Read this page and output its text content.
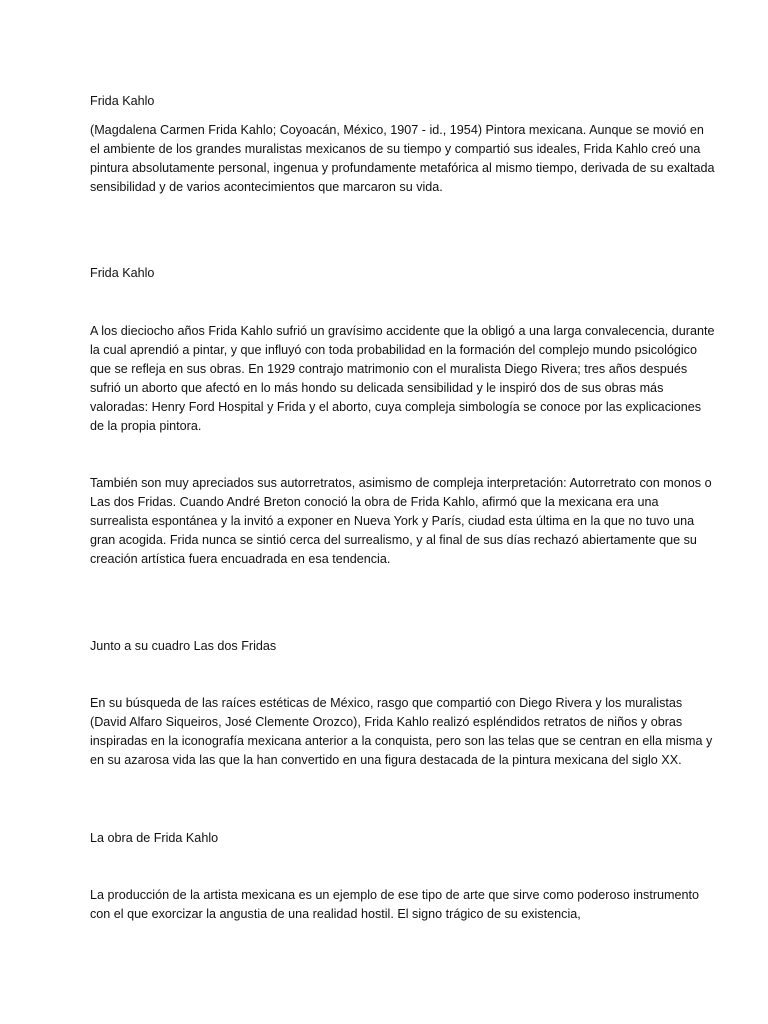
Frida Kahlo

(Magdalena Carmen Frida Kahlo; Coyoacán, México, 1907 - id., 1954) Pintora mexicana. Aunque se movió en el ambiente de los grandes muralistas mexicanos de su tiempo y compartió sus ideales, Frida Kahlo creó una pintura absolutamente personal, ingenua y profundamente metafórica al mismo tiempo, derivada de su exaltada sensibilidad y de varios acontecimientos que marcaron su vida.

Frida Kahlo

A los dieciocho años Frida Kahlo sufrió un gravísimo accidente que la obligó a una larga convalecencia, durante la cual aprendió a pintar, y que influyó con toda probabilidad en la formación del complejo mundo psicológico que se refleja en sus obras. En 1929 contrajo matrimonio con el muralista Diego Rivera; tres años después sufrió un aborto que afectó en lo más hondo su delicada sensibilidad y le inspiró dos de sus obras más valoradas: Henry Ford Hospital y Frida y el aborto, cuya compleja simbología se conoce por las explicaciones de la propia pintora.

También son muy apreciados sus autorretratos, asimismo de compleja interpretación: Autorretrato con monos o Las dos Fridas. Cuando André Breton conoció la obra de Frida Kahlo, afirmó que la mexicana era una surrealista espontánea y la invitó a exponer en Nueva York y París, ciudad esta última en la que no tuvo una gran acogida. Frida nunca se sintió cerca del surrealismo, y al final de sus días rechazó abiertamente que su creación artística fuera encuadrada en esa tendencia.

Junto a su cuadro Las dos Fridas

En su búsqueda de las raíces estéticas de México, rasgo que compartió con Diego Rivera y los muralistas (David Alfaro Siqueiros, José Clemente Orozco), Frida Kahlo realizó espléndidos retratos de niños y obras inspiradas en la iconografía mexicana anterior a la conquista, pero son las telas que se centran en ella misma y en su azarosa vida las que la han convertido en una figura destacada de la pintura mexicana del siglo XX.

La obra de Frida Kahlo

La producción de la artista mexicana es un ejemplo de ese tipo de arte que sirve como poderoso instrumento con el que exorcizar la angustia de una realidad hostil. El signo trágico de su existencia,
